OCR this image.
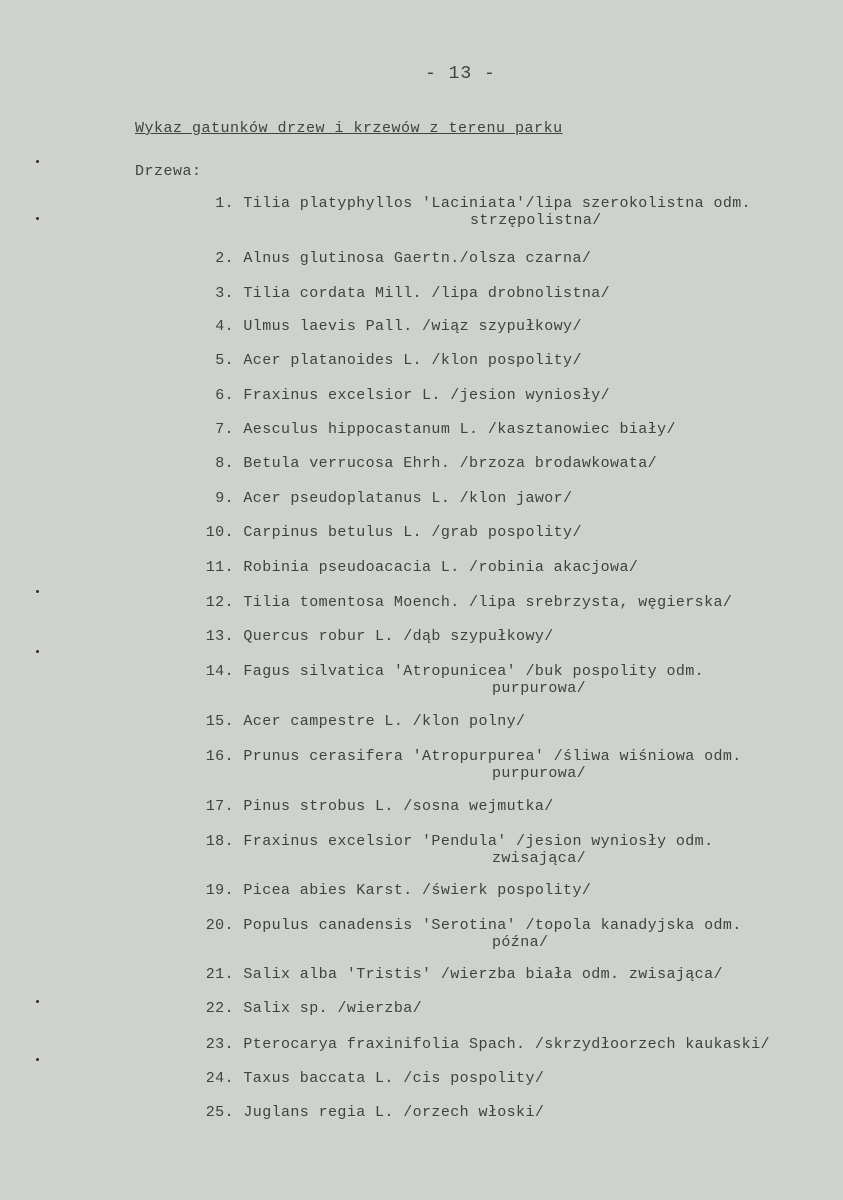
- 13 -
Wykaz gatunków drzew i krzewów z terenu parku
Drzewa:
1. Tilia platyphyllos 'Laciniata'/lipa szerokolistna odm.
strzępolistna/
2. Alnus glutinosa Gaertn./olsza czarna/
3. Tilia cordata Mill. /lipa drobnolistna/
4. Ulmus laevis Pall. /wiąz szypułkowy/
5. Acer platanoides L. /klon pospolity/
6. Fraxinus excelsior L. /jesion wyniosły/
7. Aesculus hippocastanum L. /kasztanowiec biały/
8. Betula verrucosa Ehrh. /brzoza brodawkowata/
9. Acer pseudoplatanus L. /klon jawor/
10. Carpinus betulus L. /grab pospolity/
11. Robinia pseudoacacia L. /robinia akacjowa/
12. Tilia tomentosa Moench. /lipa srebrzysta, węgierska/
13. Quercus robur L. /dąb szypułkowy/
14. Fagus silvatica 'Atropunicea' /buk pospolity odm.
purpurowa/
15. Acer campestre L. /klon polny/
16. Prunus cerasifera 'Atropurpurea' /śliwa wiśniowa odm.
purpurowa/
17. Pinus strobus L. /sosna wejmutka/
18. Fraxinus excelsior 'Pendula' /jesion wyniosły odm.
zwisająca/
19. Picea abies Karst. /świerk pospolity/
20. Populus canadensis 'Serotina' /topola kanadyjska odm.
późna/
21. Salix alba 'Tristis' /wierzba biała odm. zwisająca/
22. Salix sp. /wierzba/
23. Pterocarya fraxinifolia Spach. /skrzydłoorzech kaukaski/
24. Taxus baccata L. /cis pospolity/
25. Juglans regia L. /orzech włoski/
